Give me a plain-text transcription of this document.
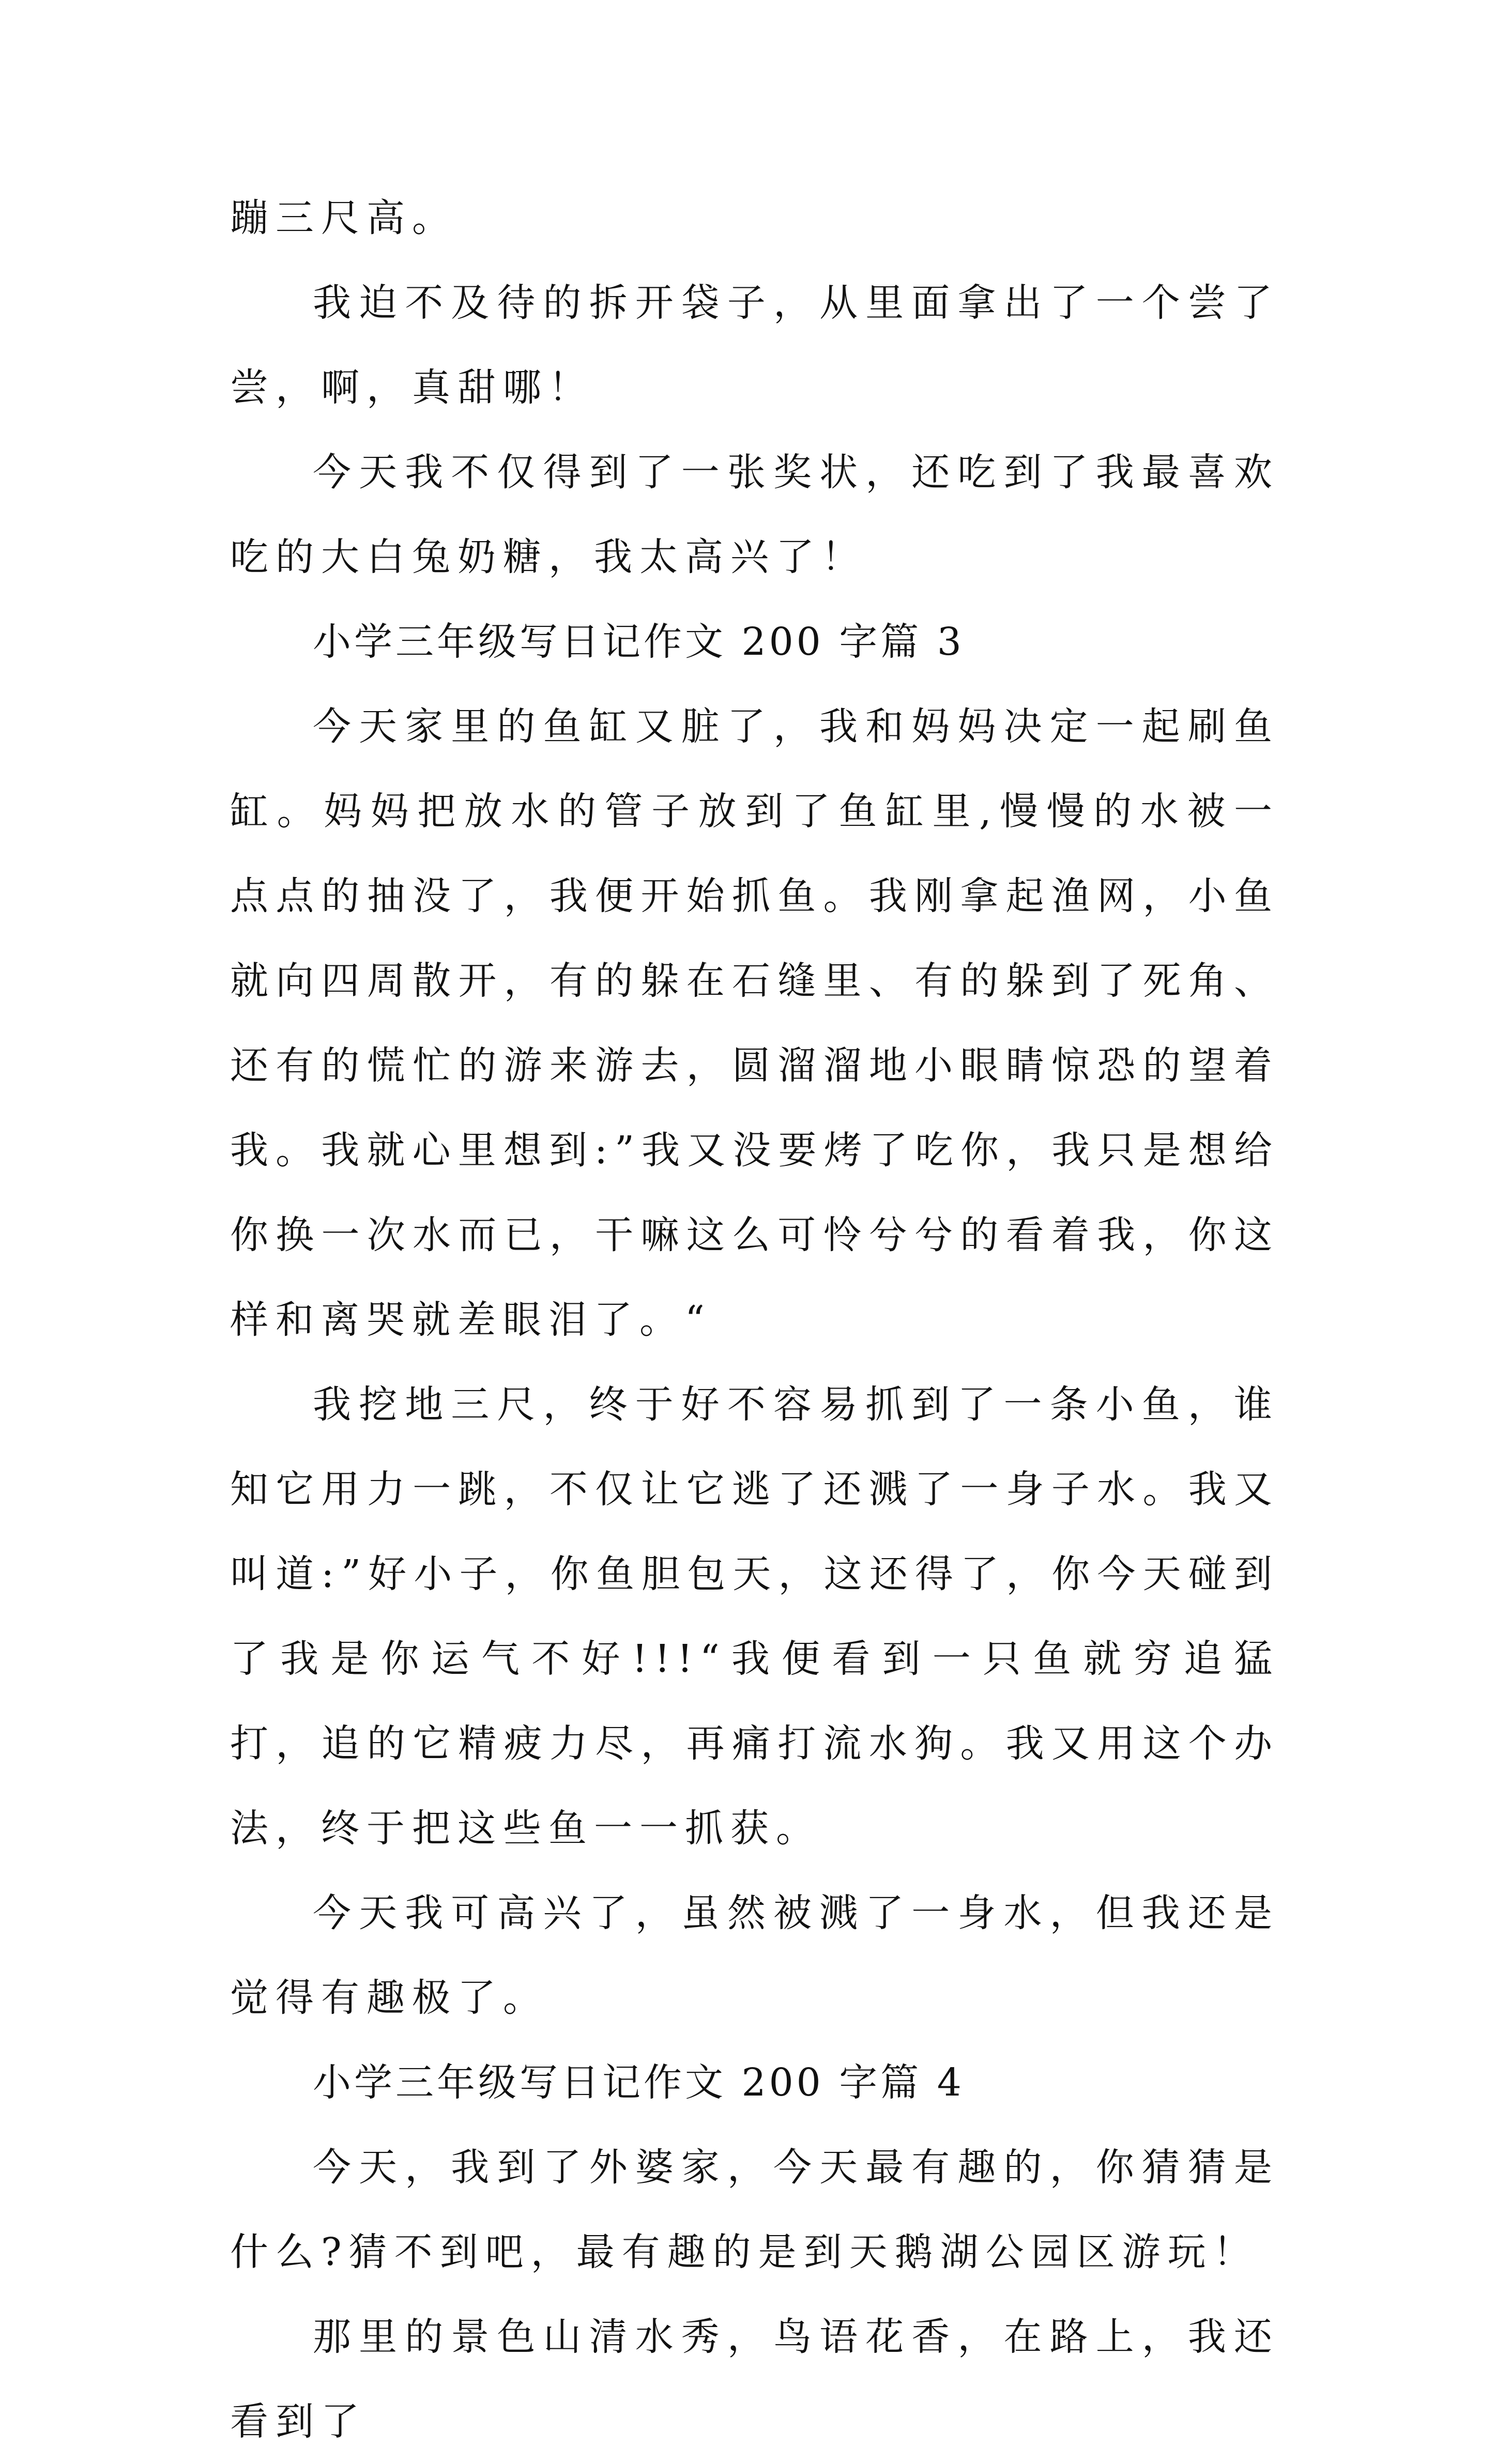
蹦三尺高。

我迫不及待的拆开袋子，从里面拿出了一个尝了尝，啊，真甜哪！

今天我不仅得到了一张奖状，还吃到了我最喜欢吃的大白兔奶糖，我太高兴了！

小学三年级写日记作文 200 字篇 3

今天家里的鱼缸又脏了，我和妈妈决定一起刷鱼缸。妈妈把放水的管子放到了鱼缸里,慢慢的水被一点点的抽没了，我便开始抓鱼。我刚拿起渔网，小鱼就向四周散开，有的躲在石缝里、有的躲到了死角、还有的慌忙的游来游去，圆溜溜地小眼睛惊恐的望着我。我就心里想到:”我又没要烤了吃你，我只是想给你换一次水而已，干嘛这么可怜兮兮的看着我，你这样和离哭就差眼泪了。“

我挖地三尺，终于好不容易抓到了一条小鱼，谁知它用力一跳，不仅让它逃了还溅了一身子水。我又叫道:”好小子，你鱼胆包天，这还得了，你今天碰到了我是你运气不好!!!“我便看到一只鱼就穷追猛打，追的它精疲力尽，再痛打流水狗。我又用这个办法，终于把这些鱼一一抓获。

今天我可高兴了，虽然被溅了一身水，但我还是觉得有趣极了。

小学三年级写日记作文 200 字篇 4

今天，我到了外婆家，今天最有趣的，你猜猜是什么?猜不到吧，最有趣的是到天鹅湖公园区游玩！

那里的景色山清水秀，鸟语花香，在路上，我还看到了
